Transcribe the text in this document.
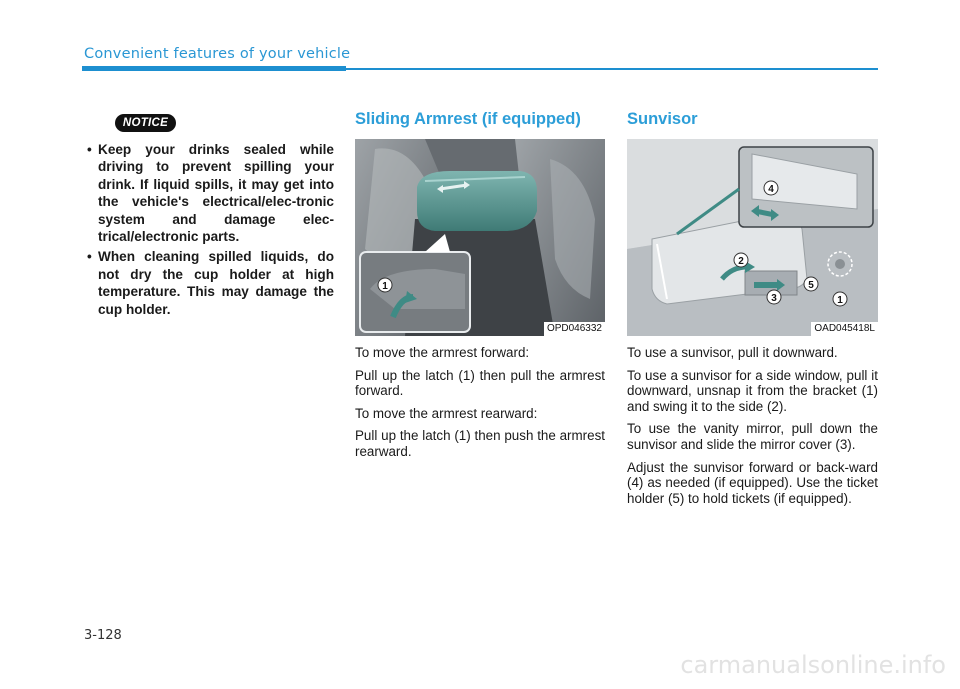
Convenient features of your vehicle
NOTICE
• Keep your drinks sealed while driving to prevent spilling your drink. If liquid spills, it may get into the vehicle's electrical/elec-tronic system and damage elec-trical/electronic parts.
• When cleaning spilled liquids, do not dry the cup holder at high temperature. This may damage the cup holder.
Sliding Armrest (if equipped)
1
OPD046332

To move the armrest forward:

Pull up the latch (1) then pull the armrest forward.

To move the armrest rearward:

Pull up the latch (1) then push the armrest rearward.

Sunvisor
4
2
5
3	1
OAD045418L

To use a sunvisor, pull it downward.

To use a sunvisor for a side window, pull it downward, unsnap it from the bracket (1) and swing it to the side (2).

To use the vanity mirror, pull down the sunvisor and slide the mirror cover (3).

Adjust the sunvisor forward or back-ward (4) as needed (if equipped). Use the ticket holder (5) to hold tickets (if equipped).

3-128
carmanualsonline.info
